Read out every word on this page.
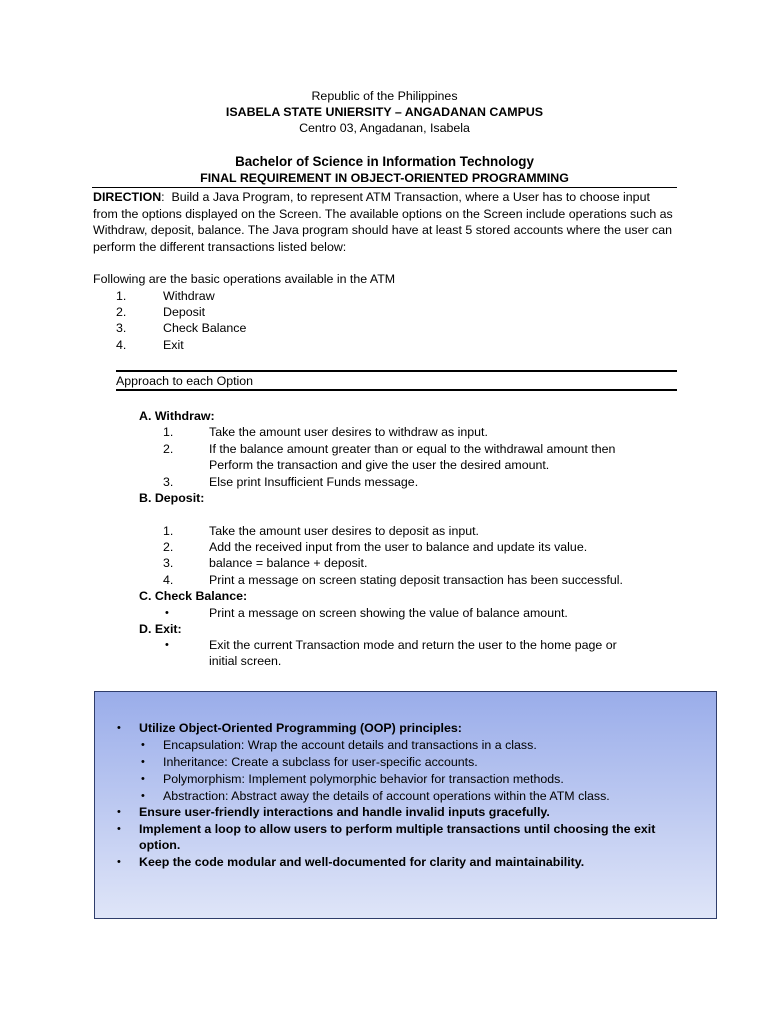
Republic of the Philippines
ISABELA STATE UNIERSITY – ANGADANAN CAMPUS
Centro 03, Angadanan, Isabela
Bachelor of Science in Information Technology
FINAL REQUIREMENT IN OBJECT-ORIENTED PROGRAMMING
DIRECTION:  Build a Java Program, to represent ATM Transaction, where a User has to choose input from the options displayed on the Screen. The available options on the Screen include operations such as Withdraw, deposit, balance. The Java program should have at least 5 stored accounts where the user can perform the different transactions listed below:
Following are the basic operations available in the ATM
1.	Withdraw
2.	Deposit
3.	Check Balance
4.	Exit
Approach to each Option
A. Withdraw:
1.	Take the amount user desires to withdraw as input.
2.	If the balance amount greater than or equal to the withdrawal amount then
Perform the transaction and give the user the desired amount.
3.	Else print Insufficient Funds message.
B. Deposit:
1.	Take the amount user desires to deposit as input.
2.	Add the received input from the user to balance and update its value.
3.	balance = balance + deposit.
4.	Print a message on screen stating deposit transaction has been successful.
C. Check Balance:
•	Print a message on screen showing the value of balance amount.
D. Exit:
•	Exit the current Transaction mode and return the user to the home page or
initial screen.
• Utilize Object-Oriented Programming (OOP) principles:
• Encapsulation: Wrap the account details and transactions in a class.
• Inheritance: Create a subclass for user-specific accounts.
• Polymorphism: Implement polymorphic behavior for transaction methods.
• Abstraction: Abstract away the details of account operations within the ATM class.
• Ensure user-friendly interactions and handle invalid inputs gracefully.
• Implement a loop to allow users to perform multiple transactions until choosing the exit
option.
• Keep the code modular and well-documented for clarity and maintainability.
